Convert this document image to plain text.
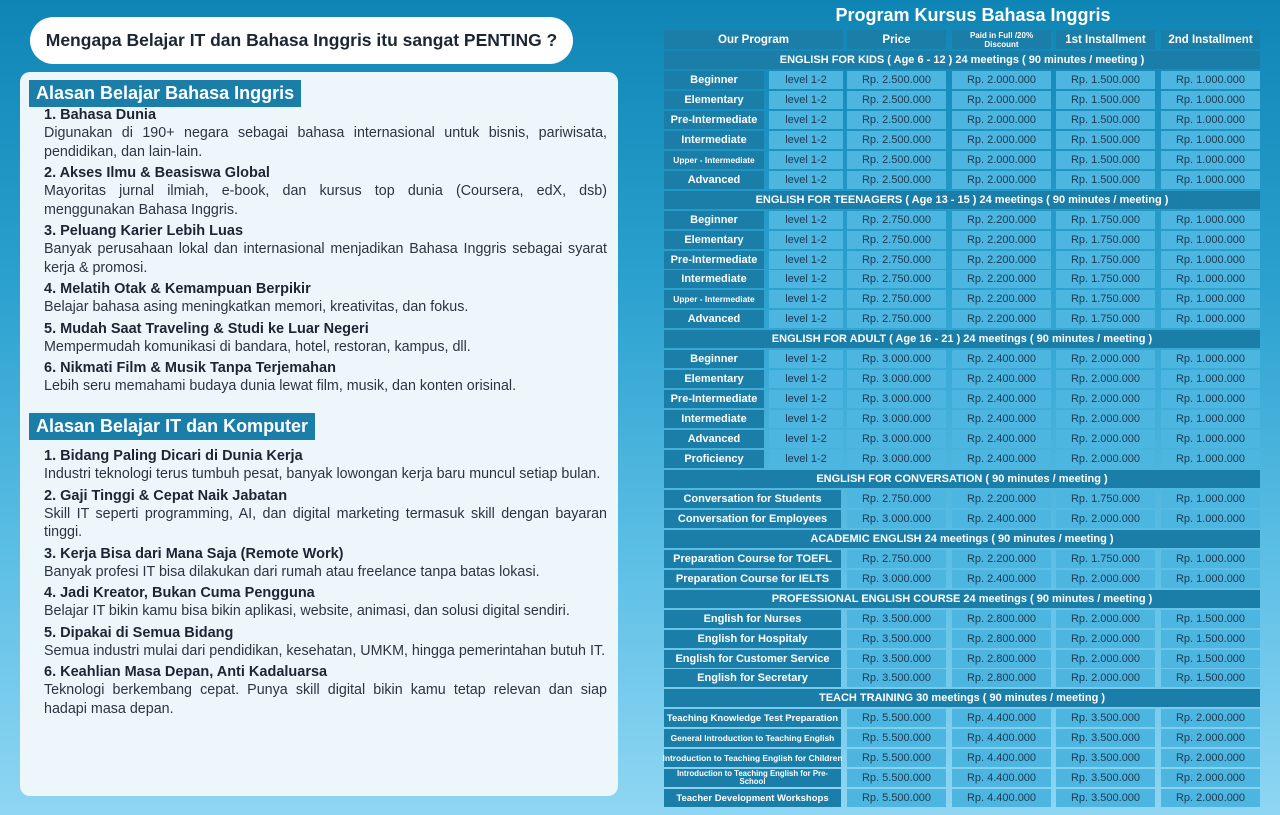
Mengapa Belajar IT dan Bahasa Inggris itu sangat PENTING ?
Alasan Belajar Bahasa Inggris
1. Bahasa Dunia
Digunakan di 190+ negara sebagai bahasa internasional untuk bisnis, pariwisata, pendidikan, dan lain-lain.
2. Akses Ilmu & Beasiswa Global
Mayoritas jurnal ilmiah, e-book, dan kursus top dunia (Coursera, edX, dsb) menggunakan Bahasa Inggris.
3. Peluang Karier Lebih Luas
Banyak perusahaan lokal dan internasional menjadikan Bahasa Inggris sebagai syarat kerja & promosi.
4. Melatih Otak & Kemampuan Berpikir
Belajar bahasa asing meningkatkan memori, kreativitas, dan fokus.
5. Mudah Saat Traveling & Studi ke Luar Negeri
Mempermudah komunikasi di bandara, hotel, restoran, kampus, dll.
6. Nikmati Film & Musik Tanpa Terjemahan
Lebih seru memahami budaya dunia lewat film, musik, dan konten orisinal.
Alasan Belajar IT dan Komputer
1. Bidang Paling Dicari di Dunia Kerja
Industri teknologi terus tumbuh pesat, banyak lowongan kerja baru muncul setiap bulan.
2. Gaji Tinggi & Cepat Naik Jabatan
Skill IT seperti programming, AI, dan digital marketing termasuk skill dengan bayaran tinggi.
3. Kerja Bisa dari Mana Saja (Remote Work)
Banyak profesi IT bisa dilakukan dari rumah atau freelance tanpa batas lokasi.
4. Jadi Kreator, Bukan Cuma Pengguna
Belajar IT bikin kamu bisa bikin aplikasi, website, animasi, dan solusi digital sendiri.
5. Dipakai di Semua Bidang
Semua industri mulai dari pendidikan, kesehatan, UMKM, hingga pemerintahan butuh IT.
6. Keahlian Masa Depan, Anti Kadaluarsa
Teknologi berkembang cepat. Punya skill digital bikin kamu tetap relevan dan siap hadapi masa depan.
Program Kursus Bahasa Inggris
Our Program	Price	Paid in Full /20% Discount	1st Installment	2nd Installment
ENGLISH FOR KIDS ( Age 6 - 12 ) 24 meetings ( 90 minutes / meeting )
Beginner	level 1-2	Rp. 2.500.000	Rp. 2.000.000	Rp. 1.500.000	Rp. 1.000.000
Elementary	level 1-2	Rp. 2.500.000	Rp. 2.000.000	Rp. 1.500.000	Rp. 1.000.000
Pre-Intermediate	level 1-2	Rp. 2.500.000	Rp. 2.000.000	Rp. 1.500.000	Rp. 1.000.000
Intermediate	level 1-2	Rp. 2.500.000	Rp. 2.000.000	Rp. 1.500.000	Rp. 1.000.000
Upper - Intermediate	level 1-2	Rp. 2.500.000	Rp. 2.000.000	Rp. 1.500.000	Rp. 1.000.000
Advanced	level 1-2	Rp. 2.500.000	Rp. 2.000.000	Rp. 1.500.000	Rp. 1.000.000
ENGLISH FOR TEENAGERS ( Age 13 - 15 ) 24 meetings ( 90 minutes / meeting )
Beginner	level 1-2	Rp. 2.750.000	Rp. 2.200.000	Rp. 1.750.000	Rp. 1.000.000
Elementary	level 1-2	Rp. 2.750.000	Rp. 2.200.000	Rp. 1.750.000	Rp. 1.000.000
Pre-Intermediate	level 1-2	Rp. 2.750.000	Rp. 2.200.000	Rp. 1.750.000	Rp. 1.000.000
Intermediate	level 1-2	Rp. 2.750.000	Rp. 2.200.000	Rp. 1.750.000	Rp. 1.000.000
Upper - Intermediate	level 1-2	Rp. 2.750.000	Rp. 2.200.000	Rp. 1.750.000	Rp. 1.000.000
Advanced	level 1-2	Rp. 2.750.000	Rp. 2.200.000	Rp. 1.750.000	Rp. 1.000.000
ENGLISH FOR ADULT ( Age 16 - 21 ) 24 meetings ( 90 minutes / meeting )
Beginner	level 1-2	Rp. 3.000.000	Rp. 2.400.000	Rp. 2.000.000	Rp. 1.000.000
Elementary	level 1-2	Rp. 3.000.000	Rp. 2.400.000	Rp. 2.000.000	Rp. 1.000.000
Pre-Intermediate	level 1-2	Rp. 3.000.000	Rp. 2.400.000	Rp. 2.000.000	Rp. 1.000.000
Intermediate	level 1-2	Rp. 3.000.000	Rp. 2.400.000	Rp. 2.000.000	Rp. 1.000.000
Advanced	level 1-2	Rp. 3.000.000	Rp. 2.400.000	Rp. 2.000.000	Rp. 1.000.000
Proficiency	level 1-2	Rp. 3.000.000	Rp. 2.400.000	Rp. 2.000.000	Rp. 1.000.000
ENGLISH FOR CONVERSATION ( 90 minutes / meeting )
Conversation for Students	Rp. 2.750.000	Rp. 2.200.000	Rp. 1.750.000	Rp. 1.000.000
Conversation for Employees	Rp. 3.000.000	Rp. 2.400.000	Rp. 2.000.000	Rp. 1.000.000
ACADEMIC ENGLISH 24 meetings ( 90 minutes / meeting )
Preparation Course for TOEFL	Rp. 2.750.000	Rp. 2.200.000	Rp. 1.750.000	Rp. 1.000.000
Preparation Course for IELTS	Rp. 3.000.000	Rp. 2.400.000	Rp. 2.000.000	Rp. 1.000.000
PROFESSIONAL ENGLISH COURSE 24 meetings ( 90 minutes / meeting )
English for Nurses	Rp. 3.500.000	Rp. 2.800.000	Rp. 2.000.000	Rp. 1.500.000
English for Hospitaly	Rp. 3.500.000	Rp. 2.800.000	Rp. 2.000.000	Rp. 1.500.000
English for Customer Service	Rp. 3.500.000	Rp. 2.800.000	Rp. 2.000.000	Rp. 1.500.000
English for Secretary	Rp. 3.500.000	Rp. 2.800.000	Rp. 2.000.000	Rp. 1.500.000
TEACH TRAINING 30 meetings ( 90 minutes / meeting )
Teaching Knowledge Test Preparation	Rp. 5.500.000	Rp. 4.400.000	Rp. 3.500.000	Rp. 2.000.000
General Introduction to Teaching English	Rp. 5.500.000	Rp. 4.400.000	Rp. 3.500.000	Rp. 2.000.000
Introduction to Teaching English for Children	Rp. 5.500.000	Rp. 4.400.000	Rp. 3.500.000	Rp. 2.000.000
Introduction to Teaching English for Pre-School	Rp. 5.500.000	Rp. 4.400.000	Rp. 3.500.000	Rp. 2.000.000
Teacher Development Workshops	Rp. 5.500.000	Rp. 4.400.000	Rp. 3.500.000	Rp. 2.000.000
